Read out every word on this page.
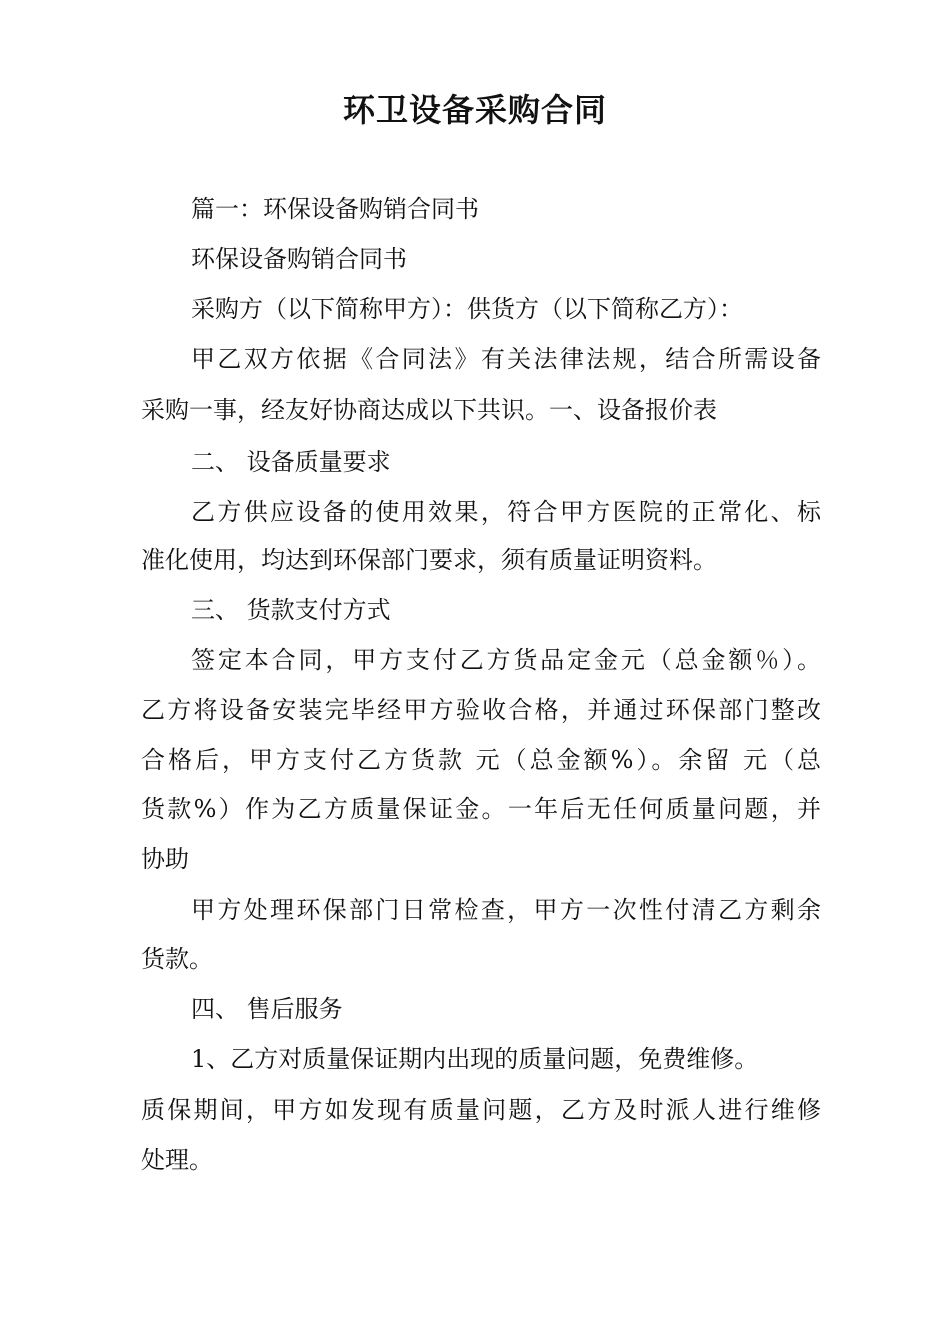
环卫设备采购合同
篇一：环保设备购销合同书
环保设备购销合同书
采购方（以下简称甲方）：供货方（以下简称乙方）：
甲乙双方依据《合同法》有关法律法规，结合所需设备
采购一事，经友好协商达成以下共识。一、设备报价表
二、 设备质量要求
乙方供应设备的使用效果，符合甲方医院的正常化、标
准化使用，均达到环保部门要求，须有质量证明资料。
三、 货款支付方式
签定本合同，甲方支付乙方货品定金元（总金额％）。
乙方将设备安装完毕经甲方验收合格，并通过环保部门整改
合格后，甲方支付乙方货款 元（总金额%）。余留 元（总
货款%）作为乙方质量保证金。一年后无任何质量问题，并
协助
甲方处理环保部门日常检查，甲方一次性付清乙方剩余
货款。
四、 售后服务
1、乙方对质量保证期内出现的质量问题，免费维修。
质保期间，甲方如发现有质量问题，乙方及时派人进行维修
处理。
